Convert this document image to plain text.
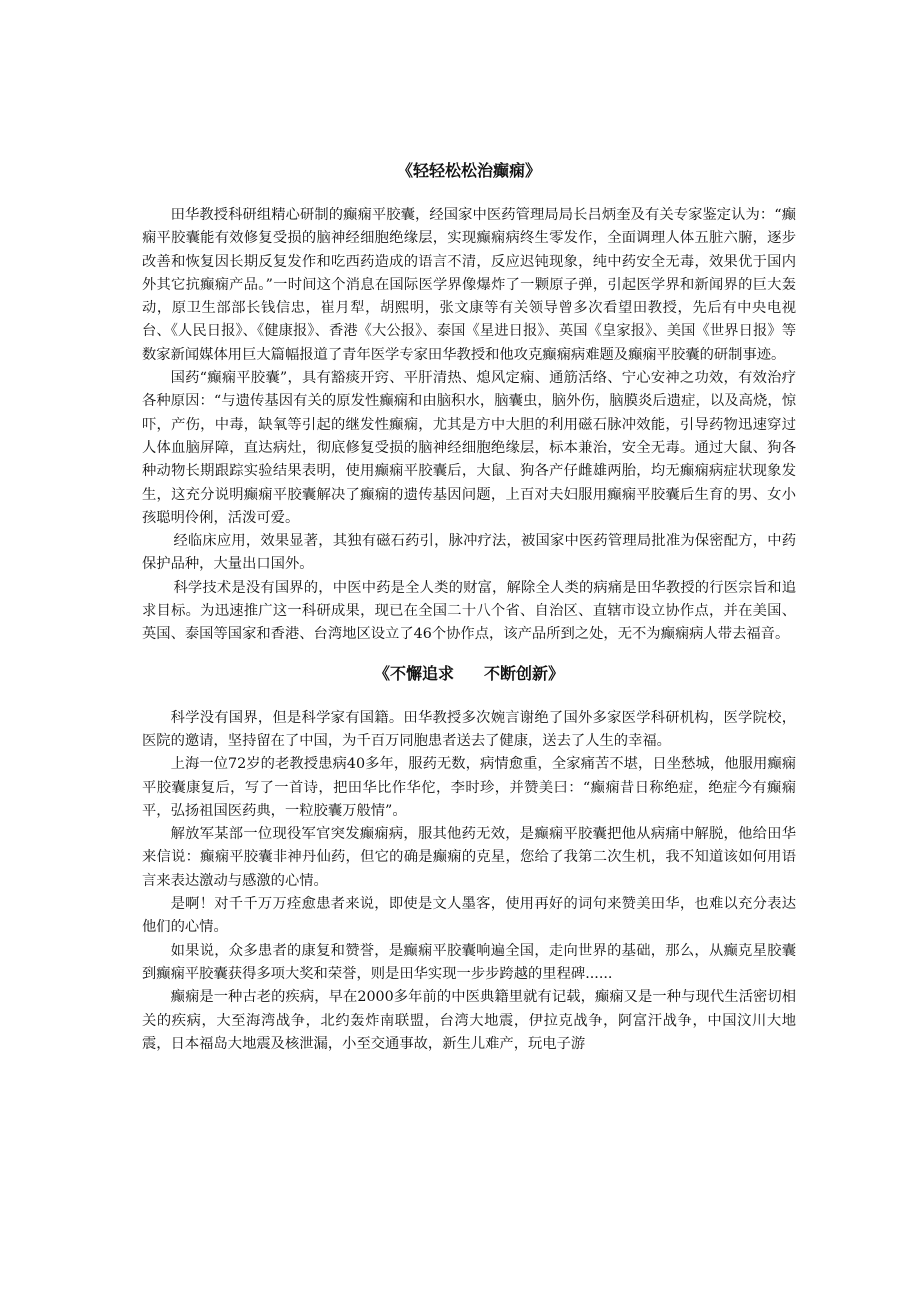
《轻轻松松治癫痫》

田华教授科研组精心研制的癫痫平胶囊，经国家中医药管理局局长吕炳奎及有关专家鉴定认为：“癫痫平胶囊能有效修复受损的脑神经细胞绝缘层，实现癫痫病终生零发作，全面调理人体五脏六腑，逐步改善和恢复因长期反复发作和吃西药造成的语言不清，反应迟钝现象，纯中药安全无毒，效果优于国内外其它抗癫痫产品。”一时间这个消息在国际医学界像爆炸了一颗原子弹，引起医学界和新闻界的巨大轰动，原卫生部部长钱信忠，崔月犁，胡熙明，张文康等有关领导曾多次看望田教授，先后有中央电视台、《人民日报》、《健康报》、香港《大公报》、泰国《星进日报》、英国《皇家报》、美国《世界日报》等数家新闻媒体用巨大篇幅报道了青年医学专家田华教授和他攻克癫痫病难题及癫痫平胶囊的研制事迹。

国药“癫痫平胶囊”，具有豁痰开窍、平肝清热、熄风定痫、通筋活络、宁心安神之功效，有效治疗各种原因：“与遗传基因有关的原发性癫痫和由脑积水，脑囊虫，脑外伤，脑膜炎后遗症，以及高烧，惊吓，产伤，中毒，缺氧等引起的继发性癫痫，尤其是方中大胆的利用磁石脉冲效能，引导药物迅速穿过人体血脑屏障，直达病灶，彻底修复受损的脑神经细胞绝缘层，标本兼治，安全无毒。通过大鼠、狗各种动物长期跟踪实验结果表明，使用癫痫平胶囊后，大鼠、狗各产仔雌雄两胎，均无癫痫病症状现象发生，这充分说明癫痫平胶囊解决了癫痫的遗传基因问题，上百对夫妇服用癫痫平胶囊后生育的男、女小孩聪明伶俐，活泼可爱。

经临床应用，效果显著，其独有磁石药引，脉冲疗法，被国家中医药管理局批准为保密配方，中药保护品种，大量出口国外。

科学技术是没有国界的，中医中药是全人类的财富，解除全人类的病痛是田华教授的行医宗旨和追求目标。为迅速推广这一科研成果，现已在全国二十八个省、自治区、直辖市设立协作点，并在美国、英国、泰国等国家和香港、台湾地区设立了46个协作点，该产品所到之处，无不为癫痫病人带去福音。

《不懈追求 不断创新》

科学没有国界，但是科学家有国籍。田华教授多次婉言谢绝了国外多家医学科研机构，医学院校，医院的邀请，坚持留在了中国，为千百万同胞患者送去了健康，送去了人生的幸福。

上海一位72岁的老教授患病40多年，服药无数，病情愈重，全家痛苦不堪，日坐愁城，他服用癫痫平胶囊康复后，写了一首诗，把田华比作华佗，李时珍，并赞美曰：“癫痫昔日称绝症，绝症今有癫痫平，弘扬祖国医药典，一粒胶囊万般情”。

解放军某部一位现役军官突发癫痫病，服其他药无效，是癫痫平胶囊把他从病痛中解脱，他给田华来信说：癫痫平胶囊非神丹仙药，但它的确是癫痫的克星，您给了我第二次生机，我不知道该如何用语言来表达激动与感激的心情。

是啊！对千千万万痊愈患者来说，即使是文人墨客，使用再好的词句来赞美田华，也难以充分表达他们的心情。

如果说，众多患者的康复和赞誉，是癫痫平胶囊响遍全国，走向世界的基础，那么，从癫克星胶囊到癫痫平胶囊获得多项大奖和荣誉，则是田华实现一步步跨越的里程碑......

癫痫是一种古老的疾病，早在2000多年前的中医典籍里就有记载，癫痫又是一种与现代生活密切相关的疾病，大至海湾战争，北约轰炸南联盟，台湾大地震，伊拉克战争，阿富汗战争，中国汶川大地震，日本福岛大地震及核泄漏，小至交通事故，新生儿难产，玩电子游
